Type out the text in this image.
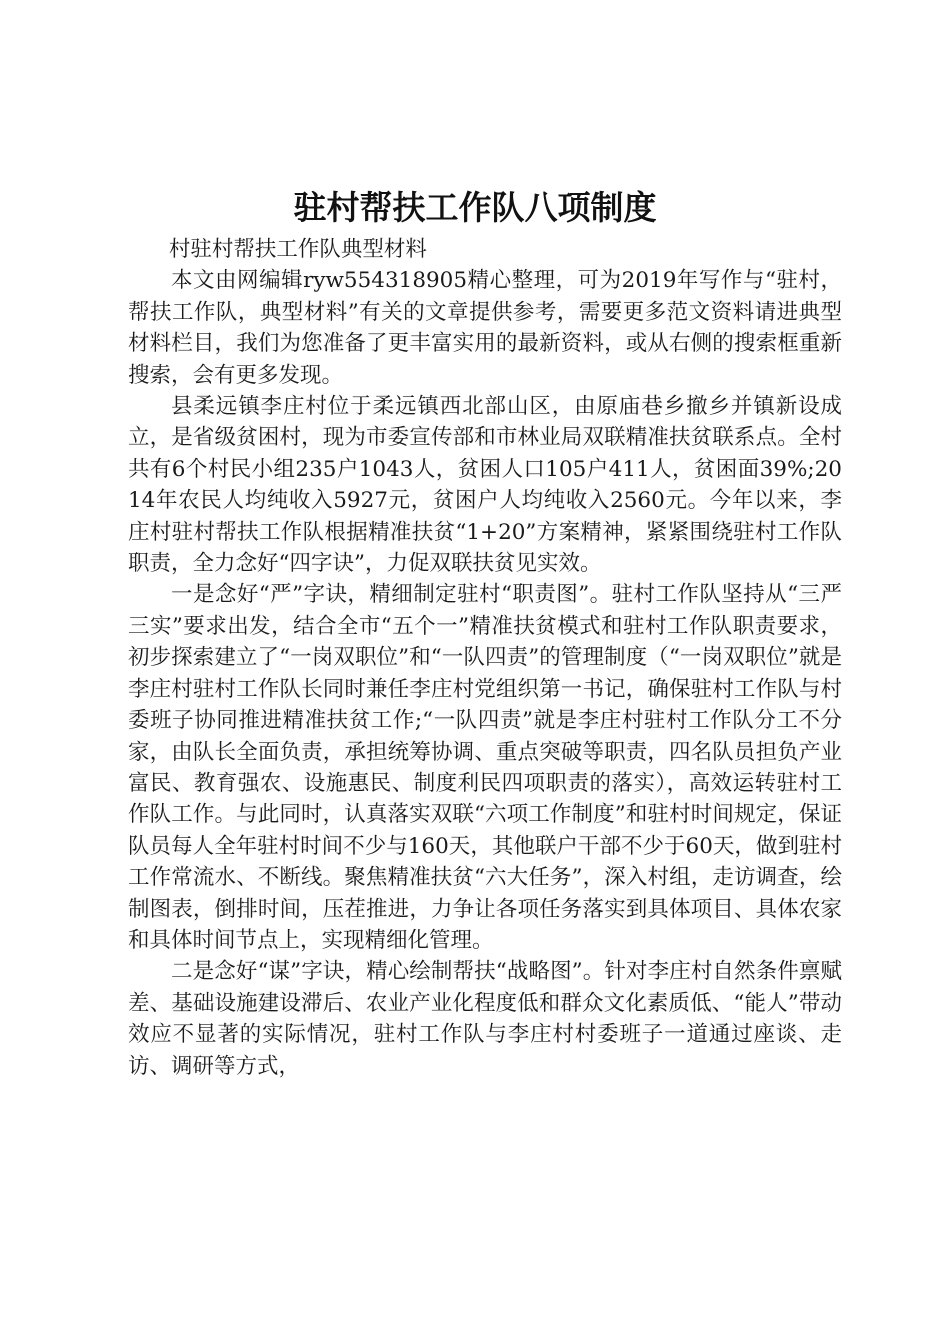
驻村帮扶工作队八项制度

村驻村帮扶工作队典型材料

本文由网编辑ryw554318905精心整理，可为2019年写作与“驻村，帮扶工作队，典型材料”有关的文章提供参考，需要更多范文资料请进典型材料栏目，我们为您准备了更丰富实用的最新资料，或从右侧的搜索框重新搜索，会有更多发现。

县柔远镇李庄村位于柔远镇西北部山区，由原庙巷乡撤乡并镇新设成立，是省级贫困村，现为市委宣传部和市林业局双联精准扶贫联系点。全村共有6个村民小组235户1043人，贫困人口105户411人，贫困面39%;2014年农民人均纯收入5927元，贫困户人均纯收入2560元。今年以来，李庄村驻村帮扶工作队根据精准扶贫“1+20”方案精神，紧紧围绕驻村工作队职责，全力念好“四字诀”，力促双联扶贫见实效。

一是念好“严”字诀，精细制定驻村“职责图”。驻村工作队坚持从“三严三实”要求出发，结合全市“五个一”精准扶贫模式和驻村工作队职责要求，初步探索建立了“一岗双职位”和“一队四责”的管理制度（“一岗双职位”就是李庄村驻村工作队长同时兼任李庄村党组织第一书记，确保驻村工作队与村委班子协同推进精准扶贫工作;“一队四责”就是李庄村驻村工作队分工不分家，由队长全面负责，承担统筹协调、重点突破等职责，四名队员担负产业富民、教育强农、设施惠民、制度利民四项职责的落实），高效运转驻村工作队工作。与此同时，认真落实双联“六项工作制度”和驻村时间规定，保证队员每人全年驻村时间不少与160天，其他联户干部不少于60天，做到驻村工作常流水、不断线。聚焦精准扶贫“六大任务”，深入村组，走访调查，绘制图表，倒排时间，压茬推进，力争让各项任务落实到具体项目、具体农家和具体时间节点上，实现精细化管理。

二是念好“谋”字诀，精心绘制帮扶“战略图”。针对李庄村自然条件禀赋差、基础设施建设滞后、农业产业化程度低和群众文化素质低、“能人”带动效应不显著的实际情况，驻村工作队与李庄村村委班子一道通过座谈、走访、调研等方式，
